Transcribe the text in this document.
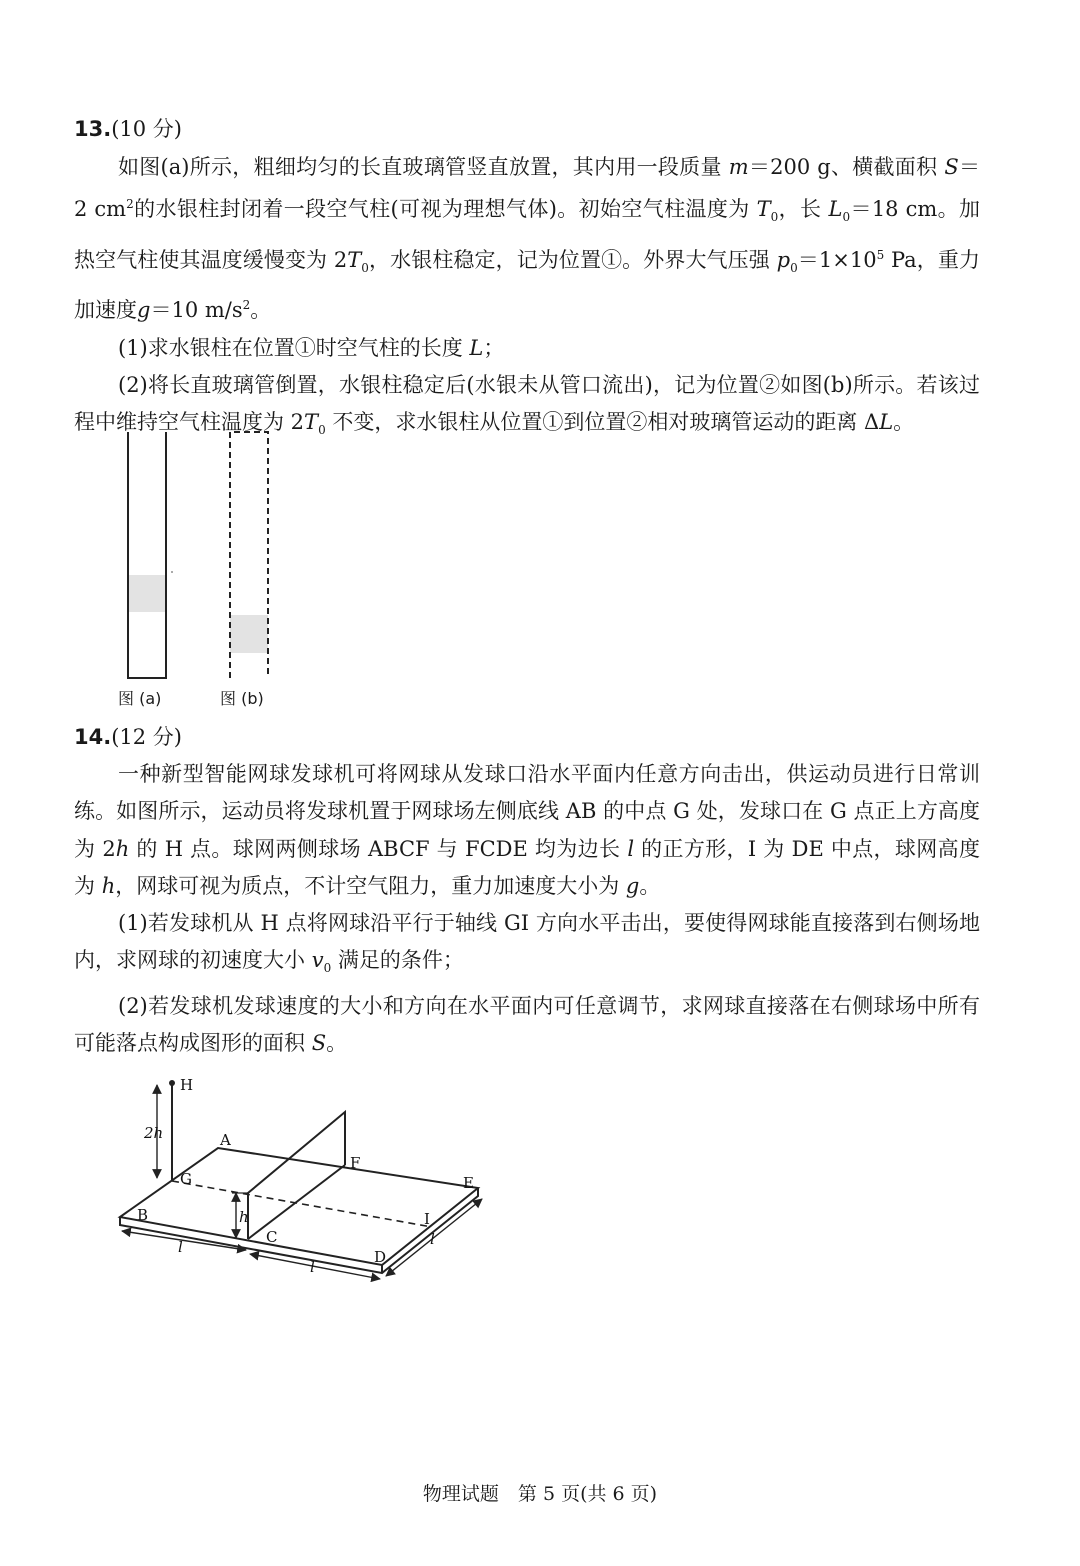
13.(10 分)

如图(a)所示，粗细均匀的长直玻璃管竖直放置，其内用一段质量 m＝200 g、横截面积 S＝2 $cm^2$的水银柱封闭着一段空气柱(可视为理想气体)。初始空气柱温度为 $T_0$，长 $L_0=18$ cm。加热空气柱使其温度缓慢变为 $2T_0$，水银柱稳定，记为位置①。外界大气压强 $p_0=1\times 10^5$ Pa，重力加速度g＝10 $m/s^2$。

(1)求水银柱在位置①时空气柱的长度 L；

(2)将长直玻璃管倒置，水银柱稳定后(水银未从管口流出)，记为位置②如图(b)所示。若该过程中维持空气柱温度为 $2T_0$ 不变，求水银柱从位置①到位置②相对玻璃管运动的距离 ΔL。

图 (a)	图 (b)
14.(12 分)

一种新型智能网球发球机可将网球从发球口沿水平面内任意方向击出，供运动员进行日常训练。如图所示，运动员将发球机置于网球场左侧底线 AB 的中点 G 处，发球口在 G 点正上方高度为 2h 的 H 点。球网两侧球场 ABCF 与 FCDE 均为边长 l 的正方形，I 为 DE 中点，球网高度为 h，网球可视为质点，不计空气阻力，重力加速度大小为 g。

(1)若发球机从 H 点将网球沿平行于轴线 GI 方向水平击出，要使得网球能直接落到右侧场地内，求网球的初速度大小 $v_0$ 满足的条件；

(2)若发球机发球速度的大小和方向在水平面内可任意调节，求网球直接落在右侧球场中所有可能落点构成图形的面积 S。

H
A
F
E
G
B
C
D
I
2h
h
l
l
l
物理试题　第 5 页(共 6 页)
